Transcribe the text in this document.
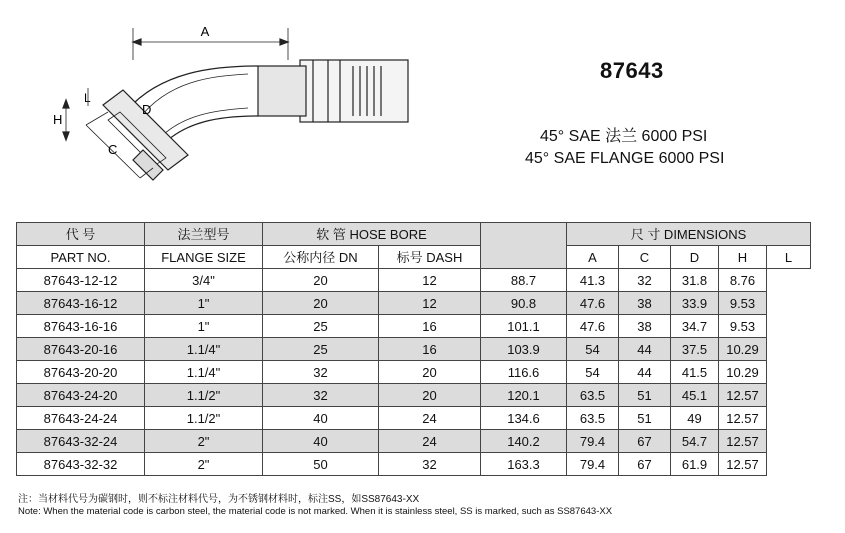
A
H
L
D
C
87643
45° SAE 法兰 6000 PSI
45° SAE FLANGE 6000 PSI
代 号	法兰型号	软 管 HOSE BORE			尺 寸 DIMENSIONS				
PART NO.	FLANGE SIZE	公称内径 DN	标号 DASH		A	C	D	H	L
87643-12-12	3/4"	20	12	88.7	41.3	32	31.8	8.76	
87643-16-12	1"	20	12	90.8	47.6	38	33.9	9.53	
87643-16-16	1"	25	16	101.1	47.6	38	34.7	9.53	
87643-20-16	1.1/4"	25	16	103.9	54	44	37.5	10.29	
87643-20-20	1.1/4"	32	20	116.6	54	44	41.5	10.29	
87643-24-20	1.1/2"	32	20	120.1	63.5	51	45.1	12.57	
87643-24-24	1.1/2"	40	24	134.6	63.5	51	49	12.57	
87643-32-24	2"	40	24	140.2	79.4	67	54.7	12.57	
87643-32-32	2"	50	32	163.3	79.4	67	61.9	12.57	
注：当材料代号为碳钢时，则不标注材料代号，为不锈钢材料时，标注SS，如SS87643-XX
Note: When the material code is carbon steel, the material code is not marked. When it is stainless steel, SS is marked, such as SS87643-XX
